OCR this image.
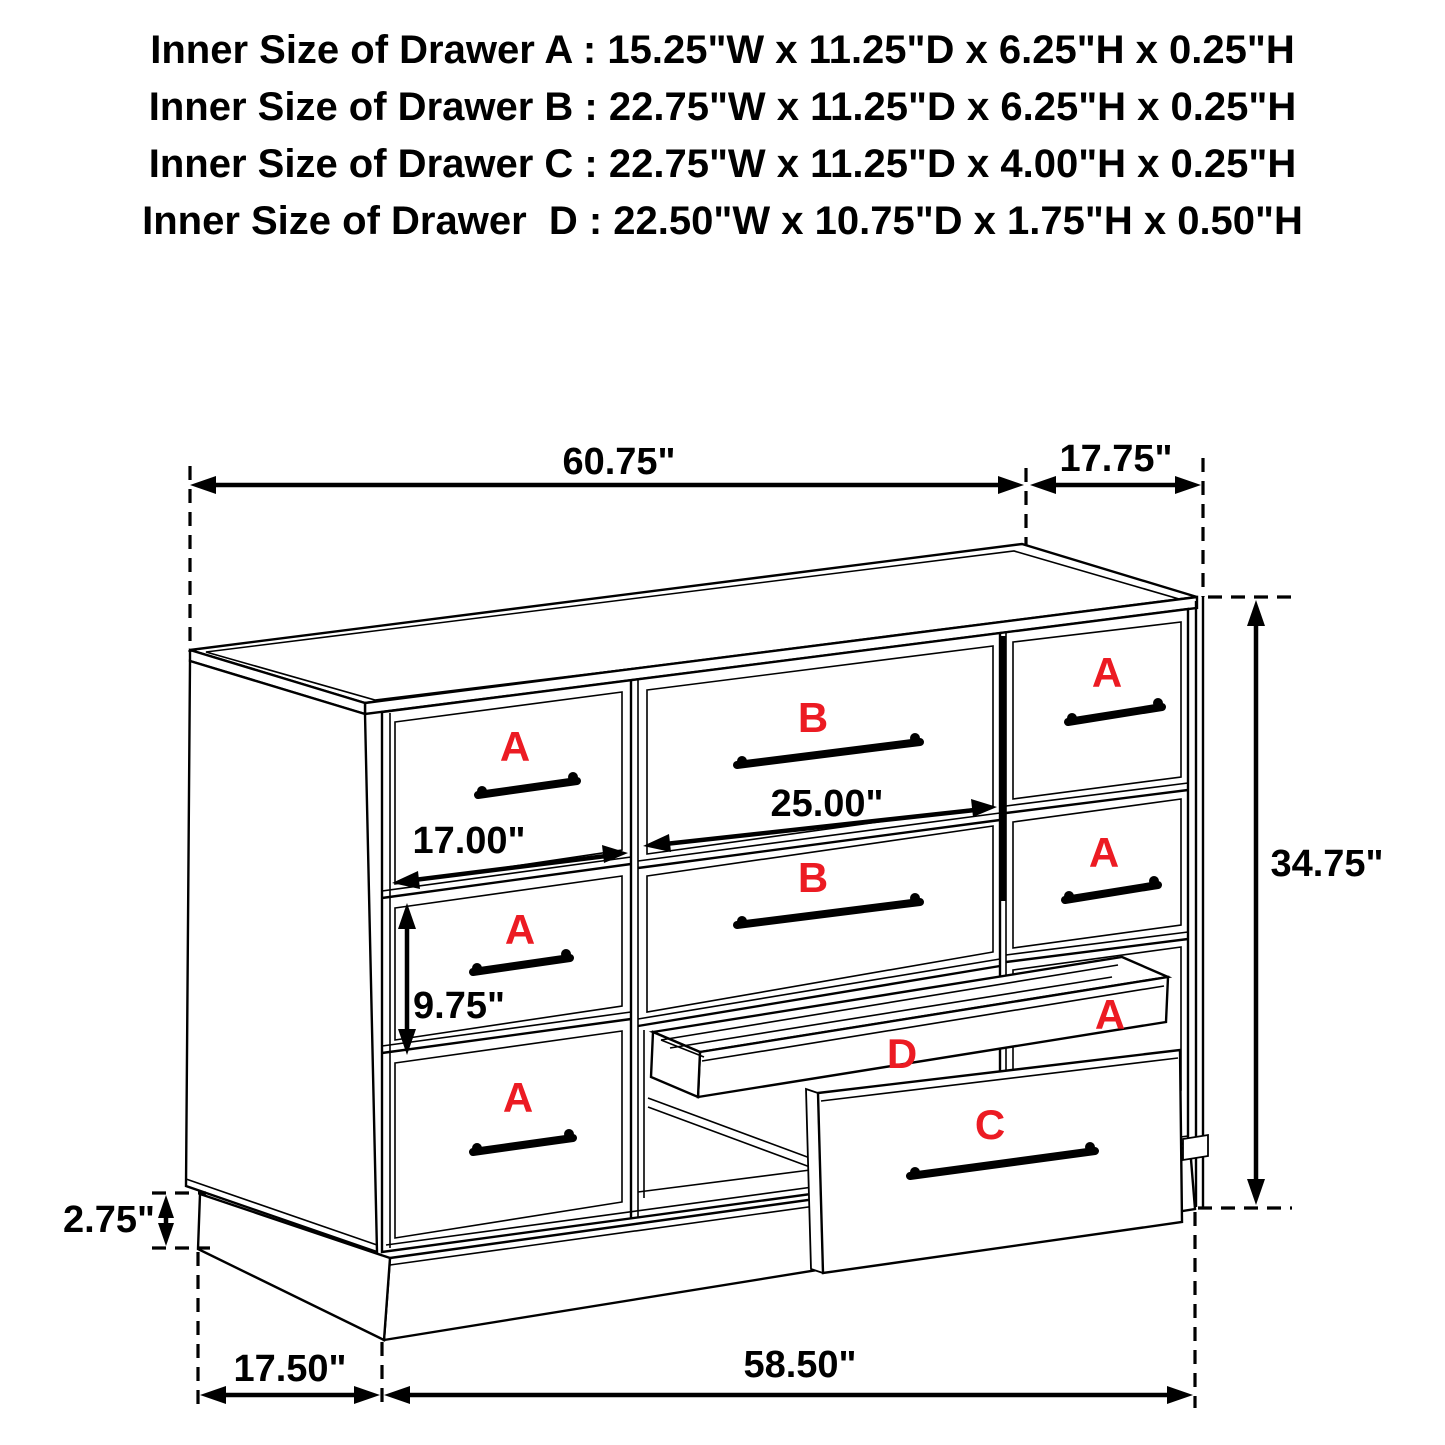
Inner Size of Drawer A : 15.25"W x 11.25"D x 6.25"H x 0.25"H
Inner Size of Drawer B : 22.75"W x 11.25"D x 6.25"H x 0.25"H
Inner Size of Drawer C : 22.75"W x 11.25"D x 4.00"H x 0.25"H
Inner Size of Drawer  D : 22.50"W x 10.75"D x 1.75"H x 0.50"H
A
A
A
B
B
A
A
A
D
C
60.75"	17.75"
34.75"
17.00"
25.00"
9.75"
2.75"
17.50"	58.50"
